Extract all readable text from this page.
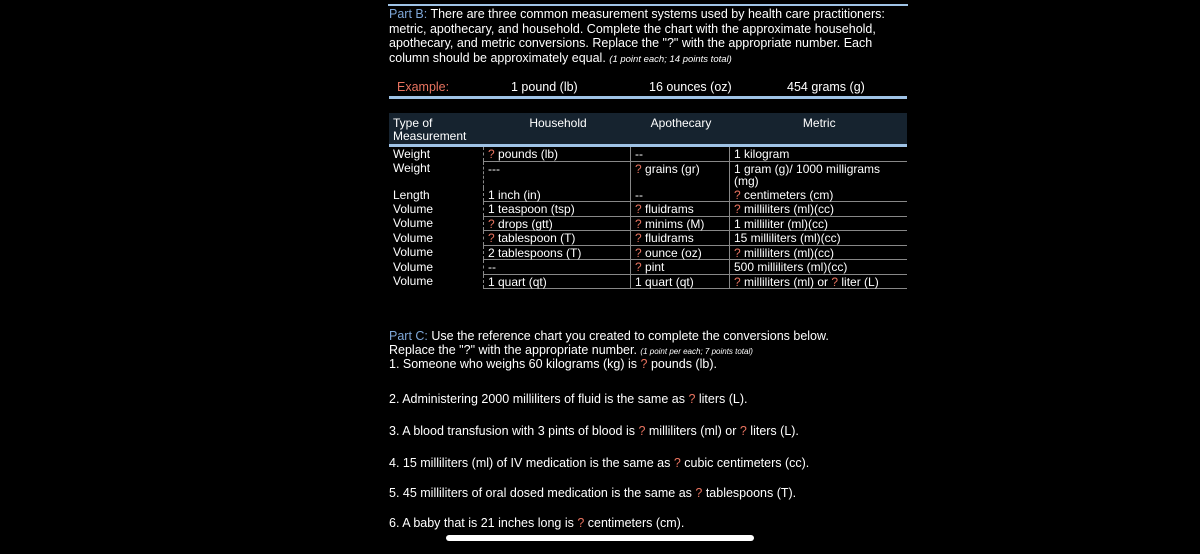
Part B: There are three common measurement systems used by health care practitioners: metric, apothecary, and household. Complete the chart with the approximate household, apothecary, and metric conversions. Replace the "?" with the appropriate number. Each column should be approximately equal. (1 point each; 14 points total)
Example:	1 pound (lb)	16 ounces (oz)	454 grams (g)
Type of Measurement	Household	Apothecary	Metric

Weight	? pounds (lb)	--	1 kilogram
Weight	---	? grains (gr)	1 gram (g)/ 1000 milligrams (mg)
Length	1 inch (in)	--	? centimeters (cm)
Volume	1 teaspoon (tsp)	? fluidrams	? milliliters (ml)(cc)
Volume	? drops (gtt)	? minims (M)	1 milliliter (ml)(cc)
Volume	? tablespoon (T)	? fluidrams	15 milliliters (ml)(cc)
Volume	2 tablespoons (T)	? ounce (oz)	? milliliters (ml)(cc)
Volume	--	? pint	500 milliliters (ml)(cc)
Volume	1 quart (qt)	1 quart (qt)	? milliliters (ml) or ? liter (L)
Part C: Use the reference chart you created to complete the conversions below.
Replace the "?" with the appropriate number. (1 point per each; 7 points total)
1. Someone who weighs 60 kilograms (kg) is ? pounds (lb).
2. Administering 2000 milliliters of fluid is the same as ? liters (L).
3. A blood transfusion with 3 pints of blood is ? milliliters (ml) or ? liters (L).
4. 15 milliliters (ml) of IV medication is the same as ? cubic centimeters (cc).
5. 45 milliliters of oral dosed medication is the same as ? tablespoons (T).
6. A baby that is 21 inches long is ? centimeters (cm).
